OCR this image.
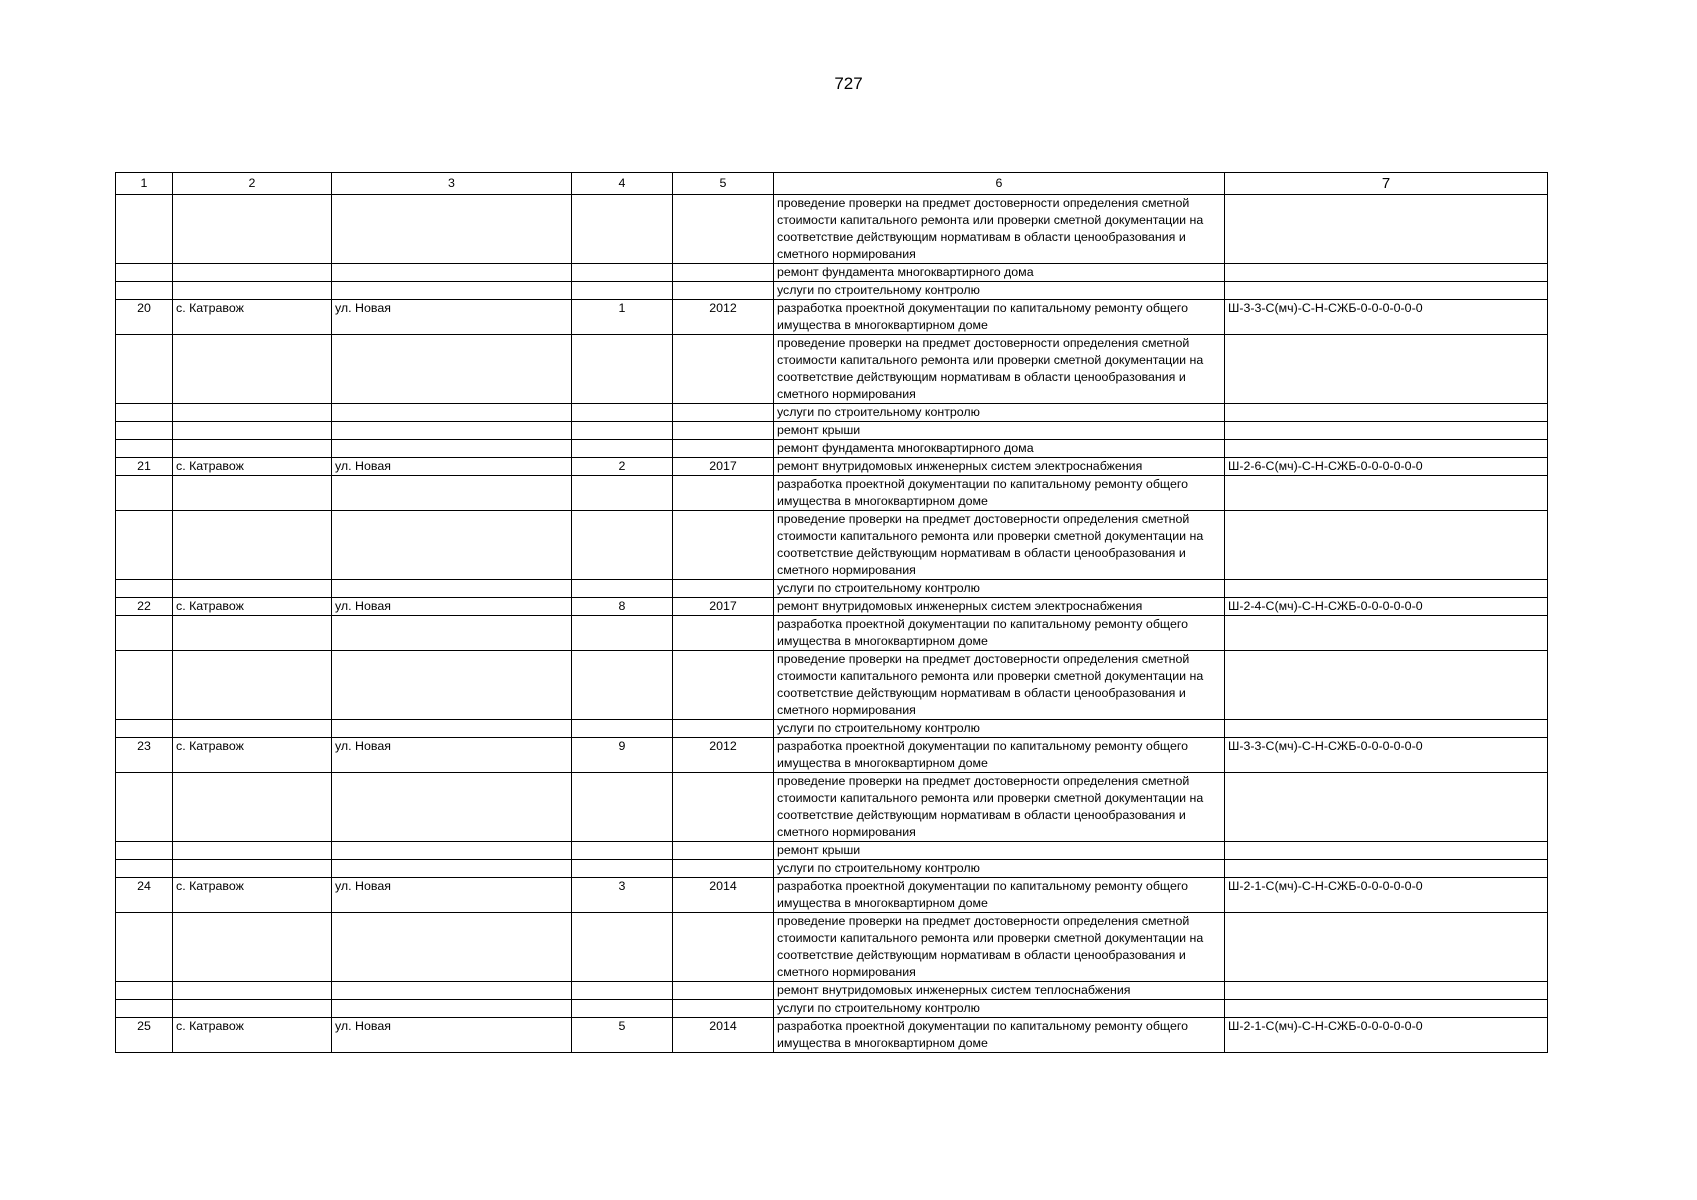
727
1	2	3	4	5	6	7
					проведение проверки на предмет достоверности определения сметной стоимости капитального ремонта или проверки сметной документации на соответствие действующим нормативам в области ценообразования и сметного нормирования	
					ремонт фундамента многоквартирного дома	
					услуги по строительному контролю	
20	с. Катравож	ул. Новая	1	2012	разработка проектной документации по капитальному ремонту общего имущества в многоквартирном доме	Ш-3-3-С(мч)-С-Н-СЖБ-0-0-0-0-0-0
					проведение проверки на предмет достоверности определения сметной стоимости капитального ремонта или проверки сметной документации на соответствие действующим нормативам в области ценообразования и сметного нормирования	
					услуги по строительному контролю	
					ремонт крыши	
					ремонт фундамента многоквартирного дома	
21	с. Катравож	ул. Новая	2	2017	ремонт внутридомовых инженерных систем электроснабжения	Ш-2-6-С(мч)-С-Н-СЖБ-0-0-0-0-0-0
					разработка проектной документации по капитальному ремонту общего имущества в многоквартирном доме	
					проведение проверки на предмет достоверности определения сметной стоимости капитального ремонта или проверки сметной документации на соответствие действующим нормативам в области ценообразования и сметного нормирования	
					услуги по строительному контролю	
22	с. Катравож	ул. Новая	8	2017	ремонт внутридомовых инженерных систем электроснабжения	Ш-2-4-С(мч)-С-Н-СЖБ-0-0-0-0-0-0
					разработка проектной документации по капитальному ремонту общего имущества в многоквартирном доме	
					проведение проверки на предмет достоверности определения сметной стоимости капитального ремонта или проверки сметной документации на соответствие действующим нормативам в области ценообразования и сметного нормирования	
					услуги по строительному контролю	
23	с. Катравож	ул. Новая	9	2012	разработка проектной документации по капитальному ремонту общего имущества в многоквартирном доме	Ш-3-3-С(мч)-С-Н-СЖБ-0-0-0-0-0-0
					проведение проверки на предмет достоверности определения сметной стоимости капитального ремонта или проверки сметной документации на соответствие действующим нормативам в области ценообразования и сметного нормирования	
					ремонт крыши	
					услуги по строительному контролю	
24	с. Катравож	ул. Новая	3	2014	разработка проектной документации по капитальному ремонту общего имущества в многоквартирном доме	Ш-2-1-С(мч)-С-Н-СЖБ-0-0-0-0-0-0
					проведение проверки на предмет достоверности определения сметной стоимости капитального ремонта или проверки сметной документации на соответствие действующим нормативам в области ценообразования и сметного нормирования	
					ремонт внутридомовых инженерных систем теплоснабжения	
					услуги по строительному контролю	
25	с. Катравож	ул. Новая	5	2014	разработка проектной документации по капитальному ремонту общего имущества в многоквартирном доме	Ш-2-1-С(мч)-С-Н-СЖБ-0-0-0-0-0-0
